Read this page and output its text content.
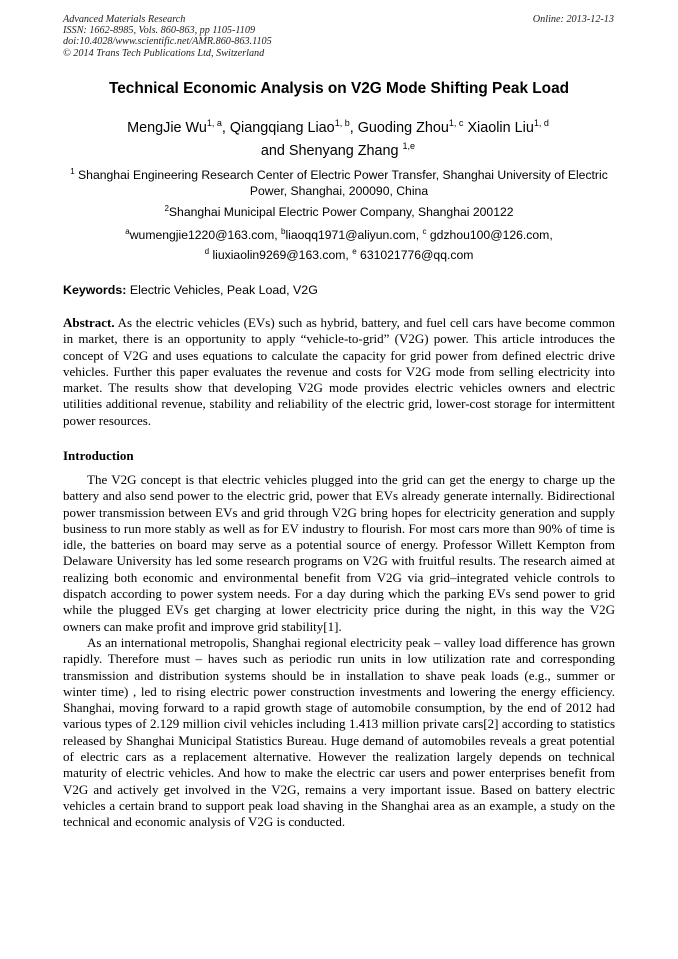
Advanced Materials Research
ISSN: 1662-8985, Vols. 860-863, pp 1105-1109
doi:10.4028/www.scientific.net/AMR.860-863.1105
© 2014 Trans Tech Publications Ltd, Switzerland
Online: 2013-12-13
Technical Economic Analysis on V2G Mode Shifting Peak Load
MengJie Wu$^{1, a}$, Qiangqiang Liao$^{1, b}$, Guoding Zhou$^{1, c}$ Xiaolin Liu$^{1, d}$
and Shenyang Zhang $^{1,e}$
$^1$ Shanghai Engineering Research Center of Electric Power Transfer, Shanghai University of Electric Power, Shanghai, 200090, China
$^2$Shanghai Municipal Electric Power Company, Shanghai 200122
$^a$wumengjie1220@163.com, $^b$liaoqq1971@aliyun.com, $^c$ gdzhou100@126.com,
$^d$ liuxiaolin9269@163.com, $^e$ 631021776@qq.com
Keywords: Electric Vehicles, Peak Load, V2G
Abstract. As the electric vehicles (EVs) such as hybrid, battery, and fuel cell cars have become common in market, there is an opportunity to apply “vehicle-to-grid” (V2G) power. This article introduces the concept of V2G and uses equations to calculate the capacity for grid power from defined electric drive vehicles. Further this paper evaluates the revenue and costs for V2G mode from selling electricity into market. The results show that developing V2G mode provides electric vehicles owners and electric utilities additional revenue, stability and reliability of the electric grid, lower-cost storage for intermittent power resources.
Introduction

The V2G concept is that electric vehicles plugged into the grid can get the energy to charge up the battery and also send power to the electric grid, power that EVs already generate internally. Bidirectional power transmission between EVs and grid through V2G bring hopes for electricity generation and supply business to run more stably as well as for EV industry to flourish. For most cars more than 90% of time is idle, the batteries on board may serve as a potential source of energy. Professor Willett Kempton from Delaware University has led some research programs on V2G with fruitful results. The research aimed at realizing both economic and environmental benefit from V2G via grid–integrated vehicle controls to dispatch according to power system needs. For a day during which the parking EVs send power to grid while the plugged EVs get charging at lower electricity price during the night, in this way the V2G owners can make profit and improve grid stability[1].

As an international metropolis, Shanghai regional electricity peak – valley load difference has grown rapidly. Therefore must – haves such as periodic run units in low utilization rate and corresponding transmission and distribution systems should be in installation to shave peak loads (e.g., summer or winter time) , led to rising electric power construction investments and lowering the energy efficiency. Shanghai, moving forward to a rapid growth stage of automobile consumption, by the end of 2012 had various types of 2.129 million civil vehicles including 1.413 million private cars[2] according to statistics released by Shanghai Municipal Statistics Bureau. Huge demand of automobiles reveals a great potential of electric cars as a replacement alternative. However the realization largely depends on technical maturity of electric vehicles. And how to make the electric car users and power enterprises benefit from V2G and actively get involved in the V2G, remains a very important issue. Based on battery electric vehicles a certain brand to support peak load shaving in the Shanghai area as an example, a study on the technical and economic analysis of V2G is conducted.
